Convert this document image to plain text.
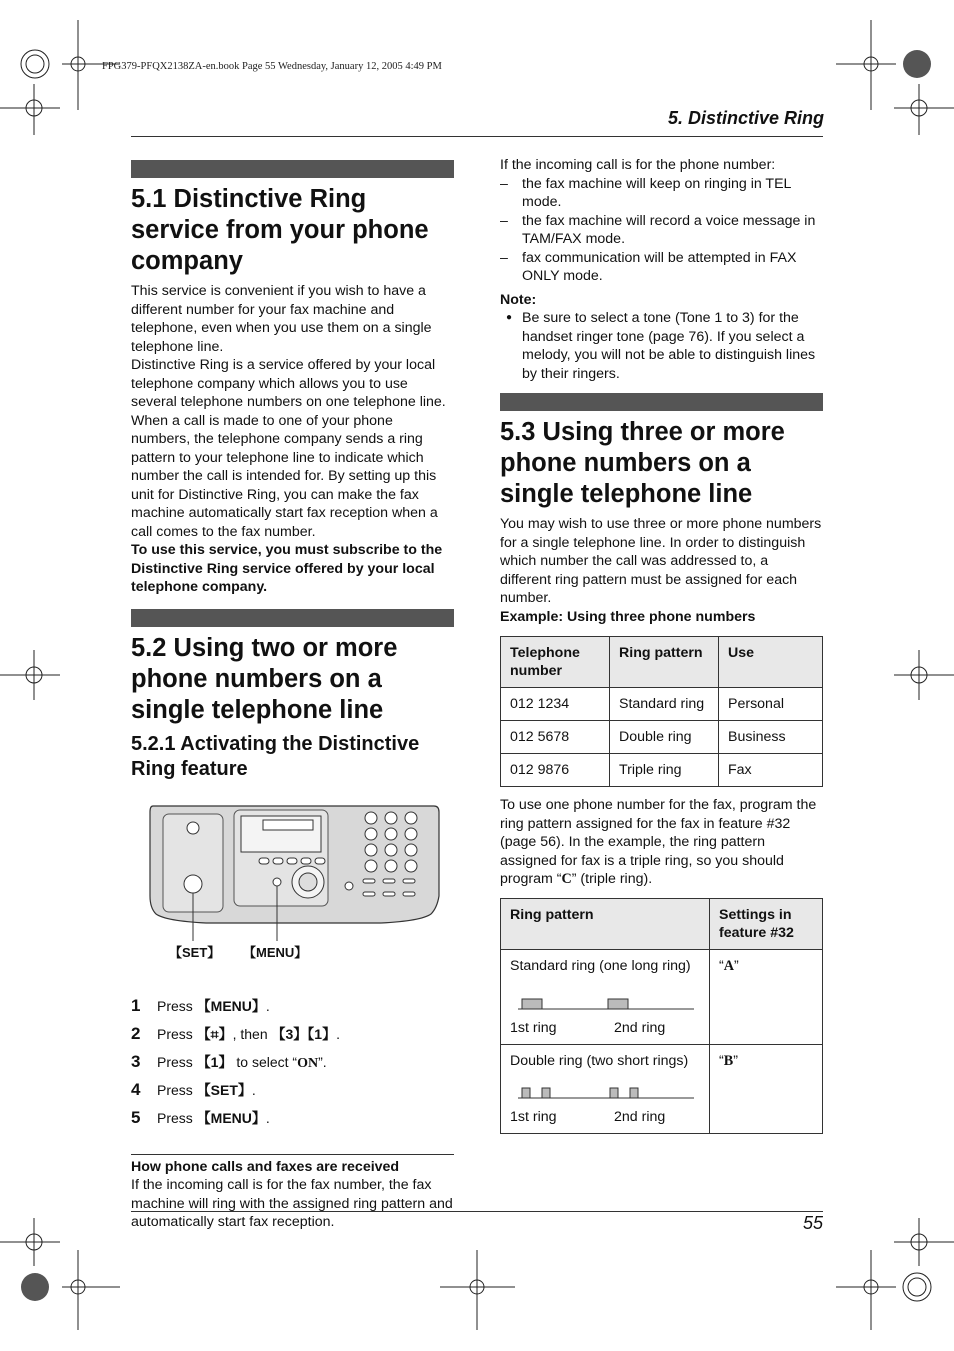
FPG379-PFQX2138ZA-en.book Page 55 Wednesday, January 12, 2005 4:49 PM
5. Distinctive Ring
5.1 Distinctive Ring service from your phone company

This service is convenient if you wish to have a different number for your fax machine and telephone, even when you use them on a single telephone line.

Distinctive Ring is a service offered by your local telephone company which allows you to use several telephone numbers on one telephone line. When a call is made to one of your phone numbers, the telephone company sends a ring pattern to your telephone line to indicate which number the call is intended for. By setting up this unit for Distinctive Ring, you can make the fax machine automatically start fax reception when a call comes to the fax number.

To use this service, you must subscribe to the Distinctive Ring service offered by your local telephone company.

5.2 Using two or more phone numbers on a single telephone line
5.2.1 Activating the Distinctive Ring feature
【SET】 【MENU】
1	Press 【MENU】.
2	Press 【⌗】, then 【3】【1】.
3	Press 【1】 to select “ON”.
4	Press 【SET】.
5	Press 【MENU】.

How phone calls and faxes are received

If the incoming call is for the fax number, the fax machine will ring with the assigned ring pattern and automatically start fax reception.

If the incoming call is for the phone number:

– the fax machine will keep on ringing in TEL mode.
– the fax machine will record a voice message in TAM/FAX mode.
– fax communication will be attempted in FAX ONLY mode.

Note:

● Be sure to select a tone (Tone 1 to 3) for the handset ringer tone (page 76). If you select a melody, you will not be able to distinguish lines by their ringers.
5.3 Using three or more phone numbers on a single telephone line

You may wish to use three or more phone numbers for a single telephone line. In order to distinguish which number the call was addressed to, a different ring pattern must be assigned for each number.

Example: Using three phone numbers

Telephone number	Ring pattern	Use
012 1234	Standard ring	Personal
012 5678	Double ring	Business
012 9876	Triple ring	Fax

To use one phone number for the fax, program the ring pattern assigned for the fax in feature #32 (page 56). In the example, the ring pattern assigned for fax is a triple ring, so you should program “C” (triple ring).

Ring pattern	Settings in feature #32

Standard ring (one long ring)
1st ring 2nd ring	“A”

Double ring (two short rings)
1st ring 2nd ring	“B”
55
